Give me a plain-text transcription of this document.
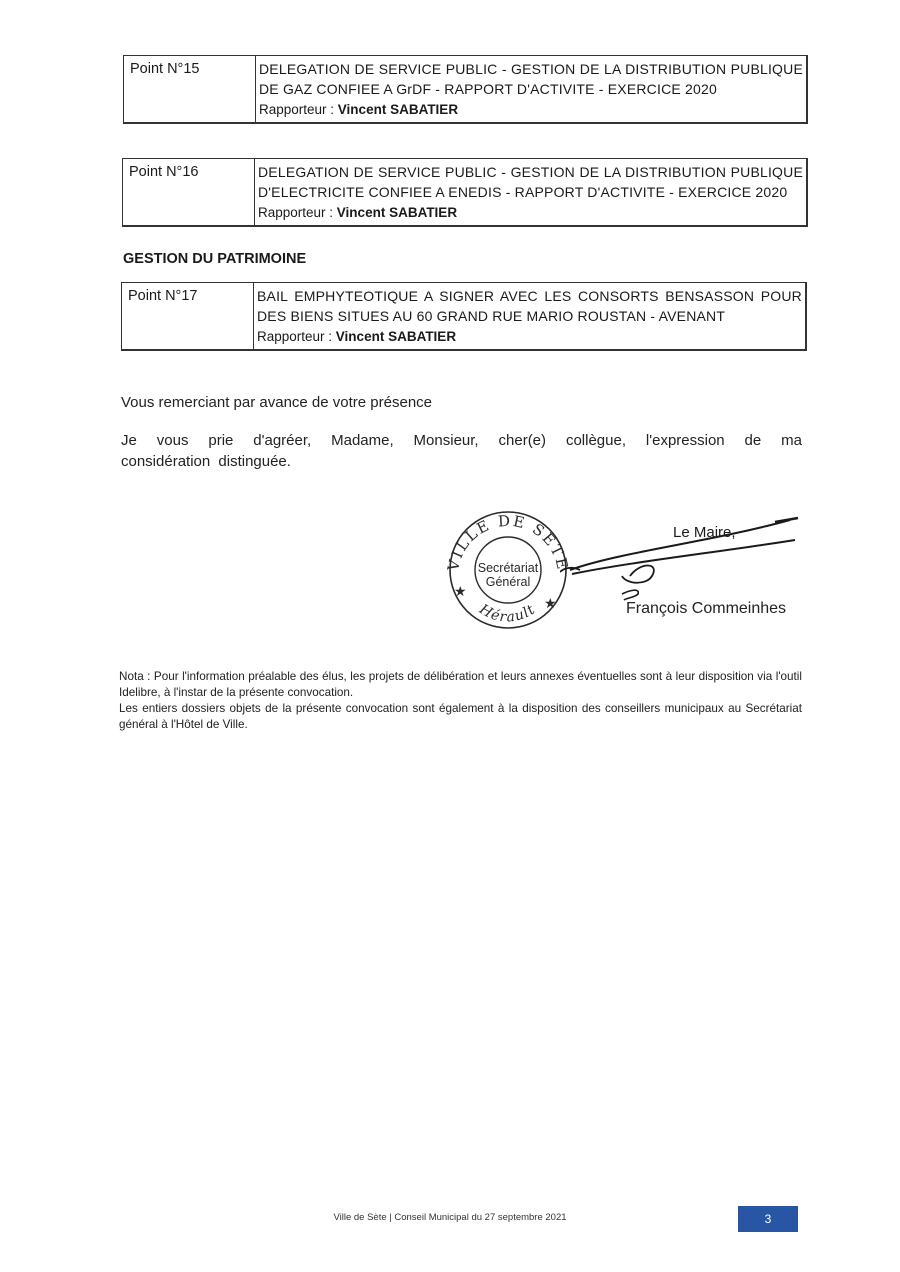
Point N°15	DELEGATION DE SERVICE PUBLIC - GESTION DE LA DISTRIBUTION PUBLIQUE
DE GAZ CONFIEE A GrDF - RAPPORT D'ACTIVITE - EXERCICE 2020
Rapporteur : Vincent SABATIER
Point N°16	DELEGATION DE SERVICE PUBLIC - GESTION DE LA DISTRIBUTION PUBLIQUE
D'ELECTRICITE CONFIEE A ENEDIS - RAPPORT D'ACTIVITE - EXERCICE 2020
Rapporteur : Vincent SABATIER
GESTION DU PATRIMOINE
Point N°17	BAIL EMPHYTEOTIQUE A SIGNER AVEC LES CONSORTS BENSASSON POUR
DES BIENS SITUES AU 60 GRAND RUE MARIO ROUSTAN - AVENANT
Rapporteur : Vincent SABATIER
Vous remerciant par avance de votre présence
Je vous prie d'agréer, Madame, Monsieur, cher(e) collègue, l'expression de ma
considération distinguée.
VILLE DE SETE
Hérault
Secrétariat
Général
★
★
Le Maire,
François Commeinhes
Nota : Pour l'information préalable des élus, les projets de délibération et leurs annexes éventuelles sont à leur disposition via l'outil Idelibre, à l'instar de la présente convocation.
Les entiers dossiers objets de la présente convocation sont également à la disposition des conseillers municipaux au Secrétariat général à l'Hôtel de Ville.
Ville de Sète | Conseil Municipal du 27 septembre 2021	3
